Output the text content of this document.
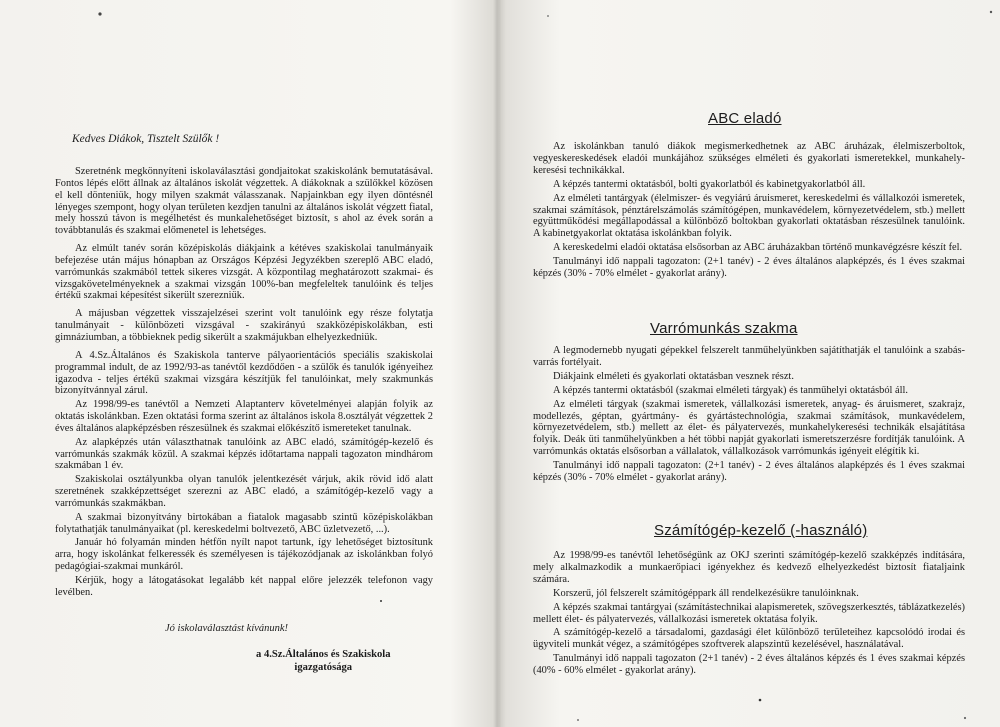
Kedves Diákok, Tisztelt Szülők !

Szeretnénk megkönnyíteni iskolaválasztási gondjaitokat szakiskolánk bemutatásával. Fontos lépés előtt állnak az általános iskolát végzettek. A diákoknak a szülőkkel közösen el kell dönteniük, hogy milyen szakmát válasszanak. Napjainkban egy ilyen döntésnél lényeges szempont, hogy olyan területen kezdjen tanulni az általános iskolát végzett fiatal, mely hosszú távon is megélhetést és munkalehetőséget biztosít, s ahol az évek során a továbbtanulás és szakmai előmenetel is lehetséges.

Az elmúlt tanév során középiskolás diákjaink a kétéves szakiskolai tanulmányaik befejezése után május hónapban az Országos Képzési Jegyzékben szereplő ABC eladó, varrómunkás szakmából tettek sikeres vizsgát. A központilag meghatározott szakmai- és vizsgakövetelményeknek a szakmai vizsgán 100%-ban megfeleltek tanulóink és teljes értékű szakmai képesítést sikerült szerezniük.

A májusban végzettek visszajelzései szerint volt tanulóink egy része folytatja tanulmányait - különbözeti vizsgával - szakirányú szakközépiskolákban, esti gimnáziumban, a többieknek pedig sikerült a szakmájukban elhelyezkedniük.

A 4.Sz.Általános és Szakiskola tanterve pályaorientációs speciális szakiskolai programmal indult, de az 1992/93-as tanévtől kezdődően - a szülők és tanulók igényeihez igazodva - teljes értékű szakmai vizsgára készítjük fel tanulóinkat, mely szakmunkás bizonyítvánnyal zárul.

Az 1998/99-es tanévtől a Nemzeti Alaptanterv követelményei alapján folyik az oktatás iskolánkban. Ezen oktatási forma szerint az általános iskola 8.osztályát végzettek 2 éves általános alapképzésben részesülnek és szakmai előkészítő ismereteket tanulnak.

Az alapképzés után választhatnak tanulóink az ABC eladó, számítógép-kezelő és varrómunkás szakmák közül. A szakmai képzés időtartama nappali tagozaton mindhárom szakmában 1 év.

Szakiskolai osztályunkba olyan tanulók jelentkezését várjuk, akik rövid idő alatt szeretnének szakképzettséget szerezni az ABC eladó, a számítógép-kezelő vagy a varrómunkás szakmákban.

A szakmai bizonyítvány birtokában a fiatalok magasabb szintű középiskolákban folytathatják tanulmányaikat (pl. kereskedelmi boltvezető, ABC üzletvezető, ...).

Január hó folyamán minden hétfőn nyílt napot tartunk, így lehetőséget biztosítunk arra, hogy iskolánkat felkeressék és személyesen is tájékozódjanak az iskolánkban folyó pedagógiai-szakmai munkáról.

Kérjük, hogy a látogatásokat legalább két nappal előre jelezzék telefonon vagy levélben.

Jó iskolaválasztást kívánunk!
a 4.Sz.Általános és Szakiskola
igazgatósága
ABC eladó

Az iskolánkban tanuló diákok megismerkedhetnek az ABC áruházak, élelmiszerboltok, vegyeskereskedések eladói munkájához szükséges elméleti és gyakorlati ismeretekkel, munkahely-keresési technikákkal.

A képzés tantermi oktatásból, bolti gyakorlatból és kabinetgyakorlatból áll.

Az elméleti tantárgyak (élelmiszer- és vegyiárú áruismeret, kereskedelmi és vállalkozói ismeretek, szakmai számítások, pénztárelszámolás számítógépen, munkavédelem, környezetvédelem, stb.) mellett együttműködési megállapodással a különböző boltokban gyakorlati oktatásban részesülnek tanulóink. A kabinetgyakorlat oktatása iskolánkban folyik.

A kereskedelmi eladói oktatása elsősorban az ABC áruházakban történő munkavégzésre készít fel.

Tanulmányi idő nappali tagozaton: (2+1 tanév) - 2 éves általános alapképzés, és 1 éves szakmai képzés (30% - 70% elmélet - gyakorlat arány).

Varrómunkás szakma

A legmodernebb nyugati gépekkel felszerelt tanműhelyünkben sajátíthatják el tanulóink a szabás-varrás fortélyait.

Diákjaink elméleti és gyakorlati oktatásban vesznek részt.

A képzés tantermi oktatásból (szakmai elméleti tárgyak) és tanműhelyi oktatásból áll.

Az elméleti tárgyak (szakmai ismeretek, vállalkozási ismeretek, anyag- és áruismeret, szakrajz, modellezés, géptan, gyártmány- és gyártástechnológia, szakmai számítások, munkavédelem, környezetvédelem, stb.) mellett az élet- és pályatervezés, munkahelykeresési technikák elsajátítása folyik. Deák üti tanműhelyünkben a hét többi napját gyakorlati ismeretszerzésre fordítják tanulóink. A varrómunkás oktatás elsősorban a vállalatok, vállalkozások varrómunkás igényeit elégítik ki.

Tanulmányi idő nappali tagozaton: (2+1 tanév) - 2 éves általános alapképzés és 1 éves szakmai képzés (30% - 70% elmélet - gyakorlat arány).

Számítógép-kezelő (-használó)

Az 1998/99-es tanévtől lehetőségünk az OKJ szerinti számítógép-kezelő szakképzés indítására, mely alkalmazkodik a munkaerőpiaci igényekhez és kedvező elhelyezkedést biztosít fiataljaink számára.

Korszerű, jól felszerelt számítógéppark áll rendelkezésükre tanulóinknak.

A képzés szakmai tantárgyai (számítástechnikai alapismeretek, szövegszerkesztés, táblázatkezelés) mellett élet- és pályatervezés, vállalkozási ismeretek oktatása folyik.

A számítógép-kezelő a társadalomi, gazdasági élet különböző területeihez kapcsolódó irodai és ügyviteli munkát végez, a számítógépes szoftverek alapszintű kezelésével, használatával.

Tanulmányi idő nappali tagozaton (2+1 tanév) - 2 éves általános képzés és 1 éves szakmai képzés (40% - 60% elmélet - gyakorlat arány).
